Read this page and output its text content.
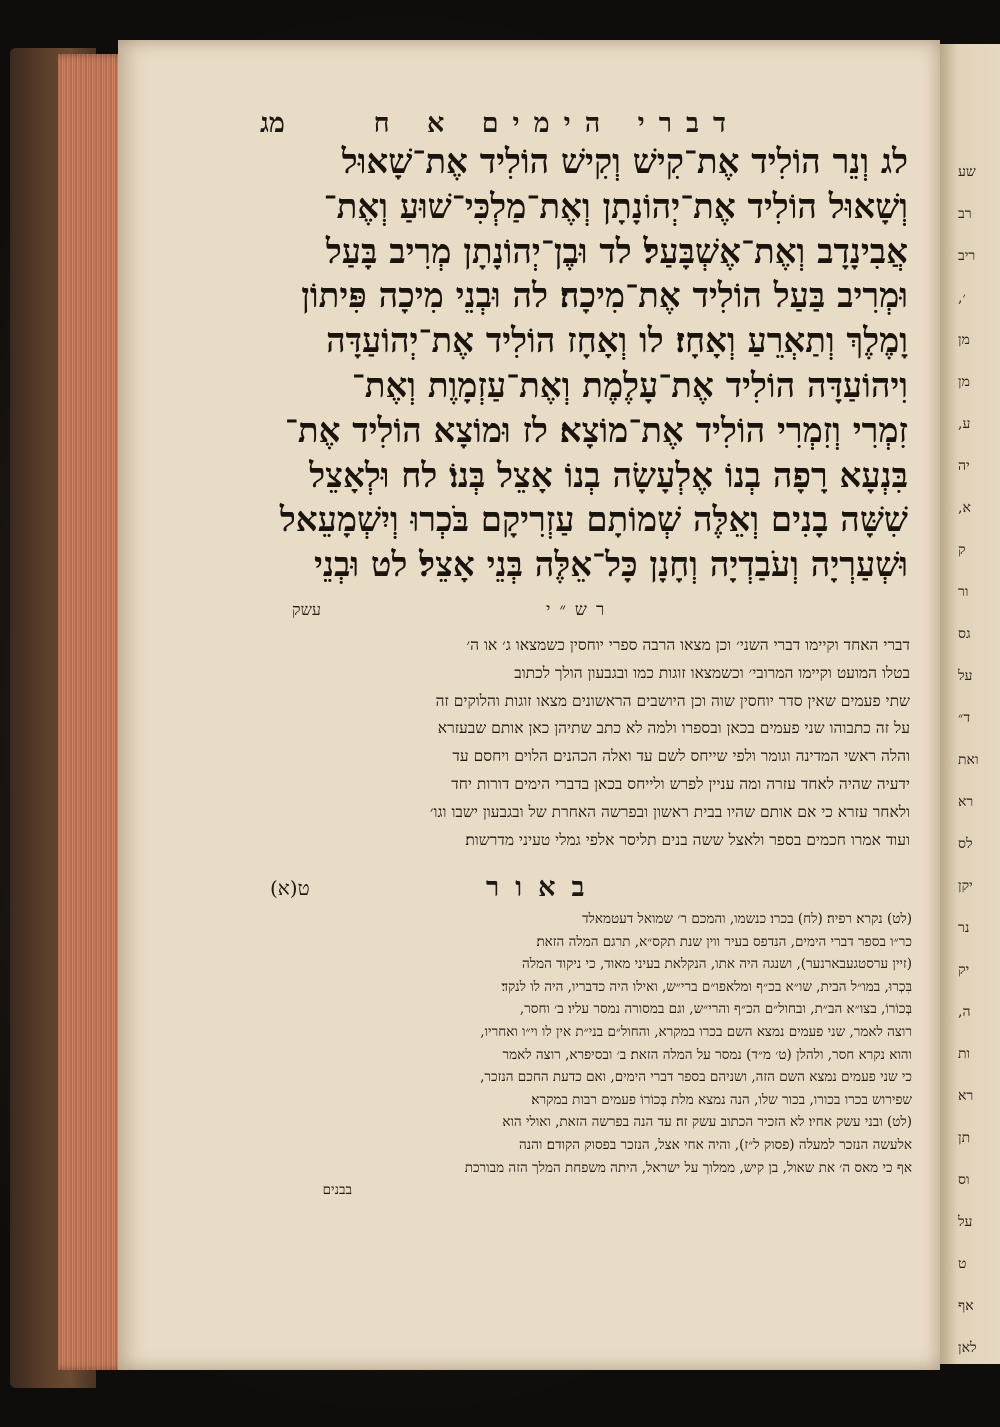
שע
רב
ריב
׳,
מן
מן
ע,
יה
א,
ק
ור
גס
על
ד״
ואת
רא
לס
יקן
נר
יק
ה,
ות
רא
תן
וס
על
ט
אף
לאן
דברי הימים א ח
מג
לג וְנֵר הוֹלִיד אֶת־קִישׁ וְקִישׁ הוֹלִיד אֶת־שָׁאוּל
וְשָׁאוּל הוֹלִיד אֶת־יְהוֹנָתָן וְאֶת־מַלְכִּי־שׁוּעַ וְאֶת־
אֲבִינָדָב וְאֶת־אֶשְׁבָּעַל׃ לד וּבֶן־יְהוֹנָתָן מְרִיב בָּעַל
וּמְרִיב בַּעַל הוֹלִיד אֶת־מִיכָה׃ לה וּבְנֵי מִיכָה פִּיתוֹן
וָמֶלֶךְ וְתַאְרֵעַ וְאָחָז׃ לו וְאָחָז הוֹלִיד אֶת־יְהוֹעַדָּה
וִיהוֹעַדָּה הוֹלִיד אֶת־עָלֶמֶת וְאֶת־עַזְמָוֶת וְאֶת־
זִמְרִי וְזִמְרִי הוֹלִיד אֶת־מוֹצָא׃ לז וּמוֹצָא הוֹלִיד אֶת־
בִּנְעָא רָפָה בְנוֹ אֶלְעָשָׂה בְנוֹ אָצֵל בְּנוֹ׃ לח וּלְאָצֵל
שִׁשָּׁה בָנִים וְאֵלֶּה שְׁמוֹתָם עַזְרִיקָם בֹּכְרוּ וְיִשְׁמָעֵאל
וּשְׁעַרְיָה וְעֹבַדְיָה וְחָנָן כָּל־אֵלֶּה בְּנֵי אָצֵל׃ לט וּבְנֵי
עשק	רש״י
דברי האחד וקיימו דברי השני׳ וכן מצאו הרבה ספרי יוחסין כשמצאו ג׳ או ה׳
בטלו המועט וקיימו המרובי׳ וכשמצאו זוגות כמו ובגבעון הולך לכתוב
שתי פעמים שאין סדר יוחסין שוה וכן היושבים הראשונים מצאו זוגות והלוקים זה
על זה כתבוהו שני פעמים בכאן ובספרו ולמה לא כתב שתיהן כאן אותם שבעזרא
והלה ראשי המדינה וגומר ולפי שייחס לשם עד ואלה הכהנים הלוים ויחסם עד
ידעיה שהיה לאחד עזרה ומה עניין לפרש ולייחס בכאן בדברי הימים דורות יחד
ולאחר עזרא כי אם אותם שהיו בבית ראשון ובפרשה האחרת של ובגבעון ישבו וגו׳
ועוד אמרו חכמים בספר ולאצל ששה בנים תליסר אלפי גמלי טעיני מדרשות׃
באור
ט(א)
(לט) נקרא׃ רפיה׃ (לח) בכרו׃ כנשמו, והמכם ר׳ שמואל דעטמאלד
כר״ו בספר דברי הימים, הנדפס בעיר ווין שנת תקס״א, תרגם המלה הזאת׃
(זיין ערסטגעבארנער), ושנגה היה אתו, הנקלאת בעיני מאוד, כי ניקוד המלה
בִּכְרוּ, במו״ל הבית, שו״א בכ״ף ומלאפו״ם ברי״ש, ואילו היה כדבריו, היה לו לנקד׃
בְּכוֹרוֹ, בצו״א הב״ת, ובחול״ם הכ״ף והרי״ש, וגם במסורה נמסר עליו׃ ב׳ וחסר,
רוצה לאמר, שני פעמים נמצא השם בכרו במקרא, והחול״ם בני״ת אין לו וי״ו ואחריו,
והוא נקרא חסר, ולהלן (ט׳ מ״ד) נמסר על המלה הזאת׃ ב׳ ובסיפרא, רוצה לאמר
כי שני פעמים נמצא השם הזה, ושניהם בספר דברי הימים, ואם כדעת החכם הנזכר,
שפירוש בכרו בכורו, בכור שלו, הנה נמצא מלת בְּכוֹרוֹ פעמים רבות במקרא׃
(לט) ובני עשק אחיו׃ לא הזכיר הכתוב עשק זה׃ עד הנה בפרשה הזאת, ואולי הוא
אלעשה הנזכר למעלה (פסוק ל״ז), והיה אחי אצל, הנזכר בפסוק הקודם׃ והנה
אף כי מאס ה׳ את שאול, בן קיש, ממלוך על ישראל, היתה משפחת המלך הזה מבורכת
בבנים
